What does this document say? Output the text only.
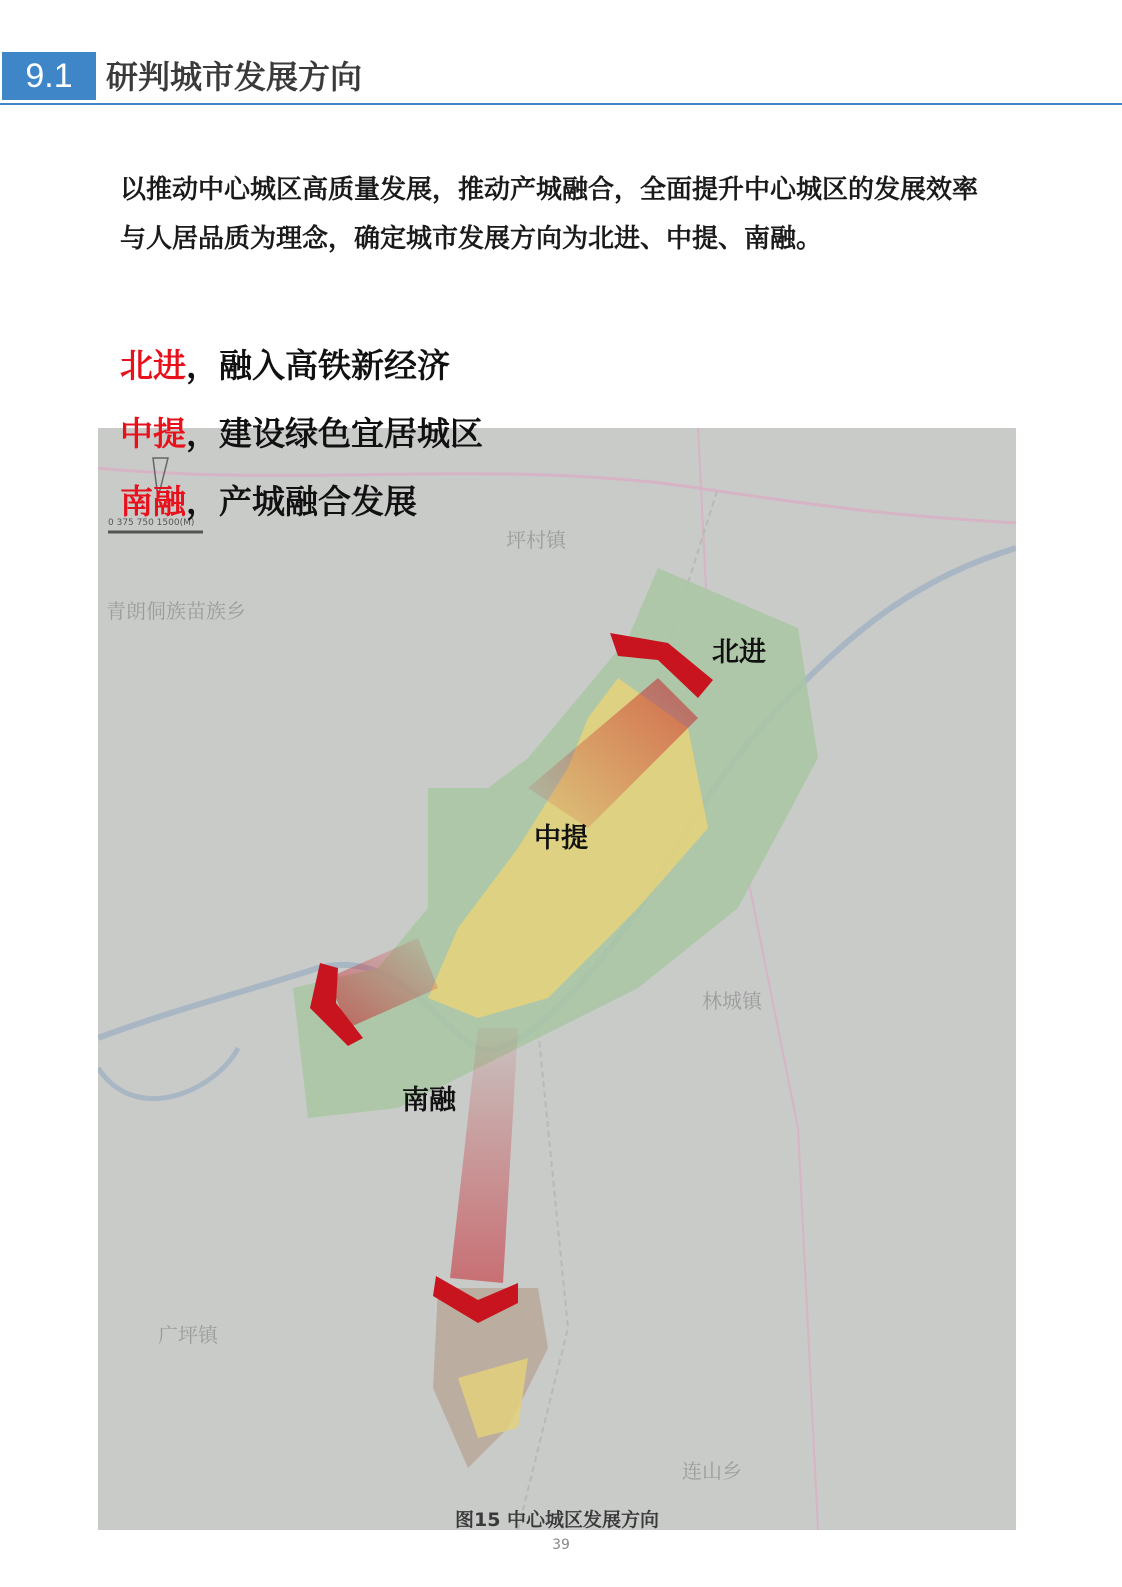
9.1	研判城市发展方向
以推动中心城区高质量发展，推动产城融合，全面提升中心城区的发展效率与人居品质为理念，确定城市发展方向为北进、中提、南融。
北进，融入高铁新经济
0 375 750 1500(M)
坪村镇
青朗侗族苗族乡
林城镇
广坪镇
连山乡
北进
中提
南融
图15 中心城区发展方向
中提，建设绿色宜居城区
南融，产城融合发展
39
